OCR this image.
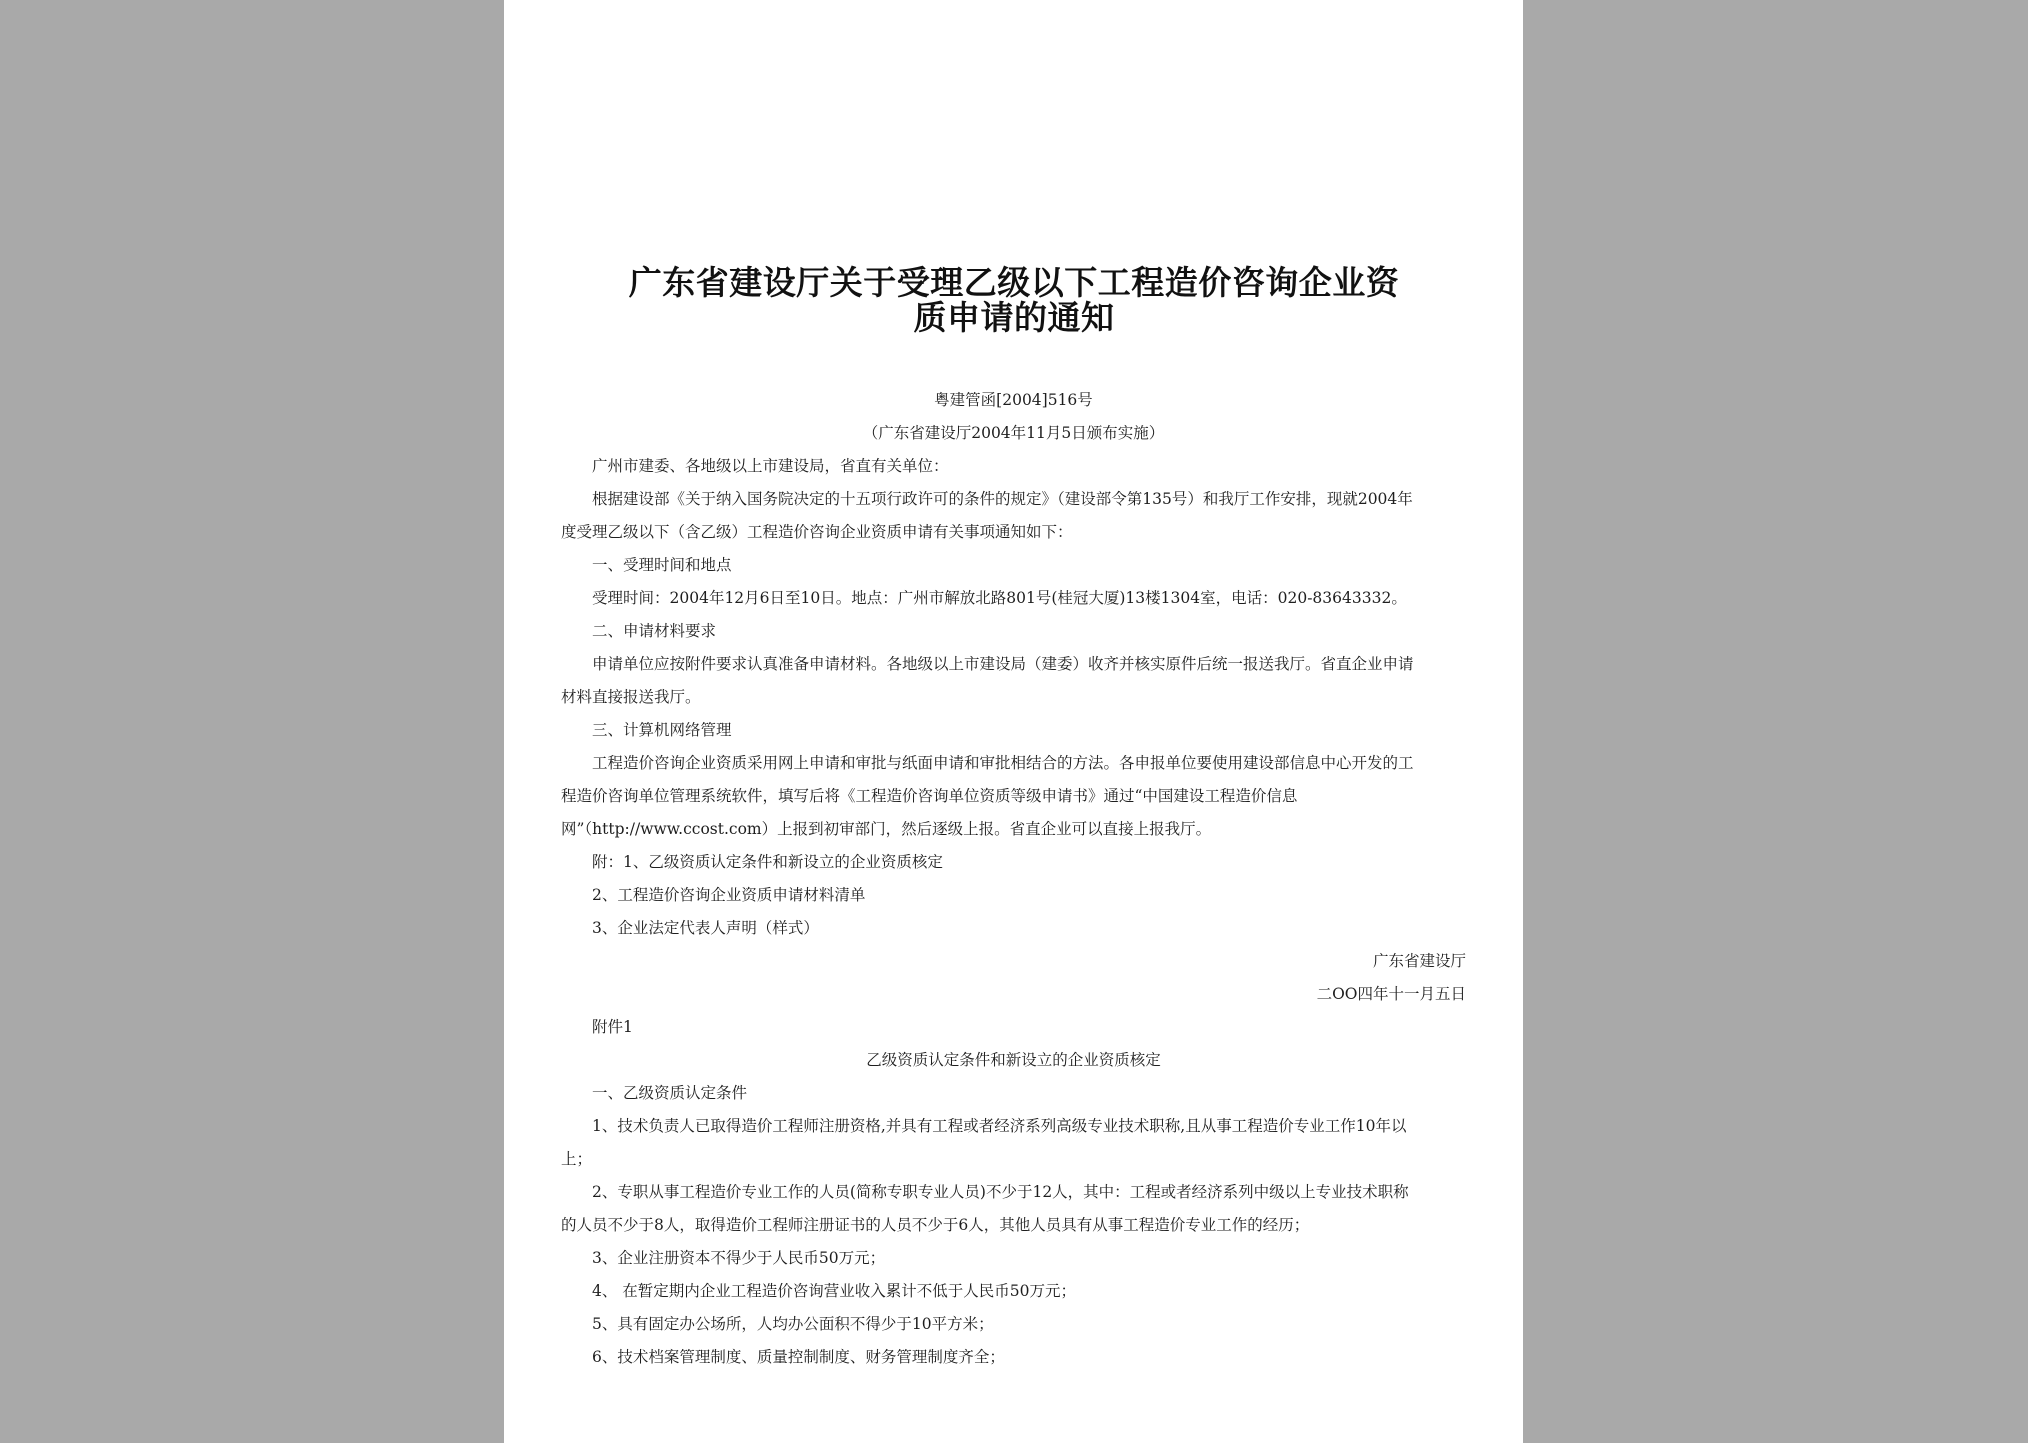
广东省建设厅关于受理乙级以下工程造价咨询企业资
质申请的通知
粤建管函[2004]516号
（广东省建设厅2004年11月5日颁布实施）
广州市建委、各地级以上市建设局，省直有关单位：
根据建设部《关于纳入国务院决定的十五项行政许可的条件的规定》（建设部令第135号）和我厅工作安排，现就2004年
度受理乙级以下（含乙级）工程造价咨询企业资质申请有关事项通知如下：
一、受理时间和地点
受理时间：2004年12月6日至10日。地点：广州市解放北路801号(桂冠大厦)13楼1304室，电话：020-83643332。
二、申请材料要求
申请单位应按附件要求认真准备申请材料。各地级以上市建设局（建委）收齐并核实原件后统一报送我厅。省直企业申请
材料直接报送我厅。
三、计算机网络管理
工程造价咨询企业资质采用网上申请和审批与纸面申请和审批相结合的方法。各申报单位要使用建设部信息中心开发的工
程造价咨询单位管理系统软件，填写后将《工程造价咨询单位资质等级申请书》通过“中国建设工程造价信息
网”（http://www.ccost.com）上报到初审部门，然后逐级上报。省直企业可以直接上报我厅。
附：1、乙级资质认定条件和新设立的企业资质核定
2、工程造价咨询企业资质申请材料清单
3、企业法定代表人声明（样式）
广东省建设厅
二OO四年十一月五日
附件1
乙级资质认定条件和新设立的企业资质核定
一、乙级资质认定条件
1、技术负责人已取得造价工程师注册资格,并具有工程或者经济系列高级专业技术职称,且从事工程造价专业工作10年以
上；
2、专职从事工程造价专业工作的人员(简称专职专业人员)不少于12人，其中：工程或者经济系列中级以上专业技术职称
的人员不少于8人，取得造价工程师注册证书的人员不少于6人，其他人员具有从事工程造价专业工作的经历；
3、企业注册资本不得少于人民币50万元；
4、 在暂定期内企业工程造价咨询营业收入累计不低于人民币50万元；
5、具有固定办公场所，人均办公面积不得少于10平方米；
6、技术档案管理制度、质量控制制度、财务管理制度齐全；
